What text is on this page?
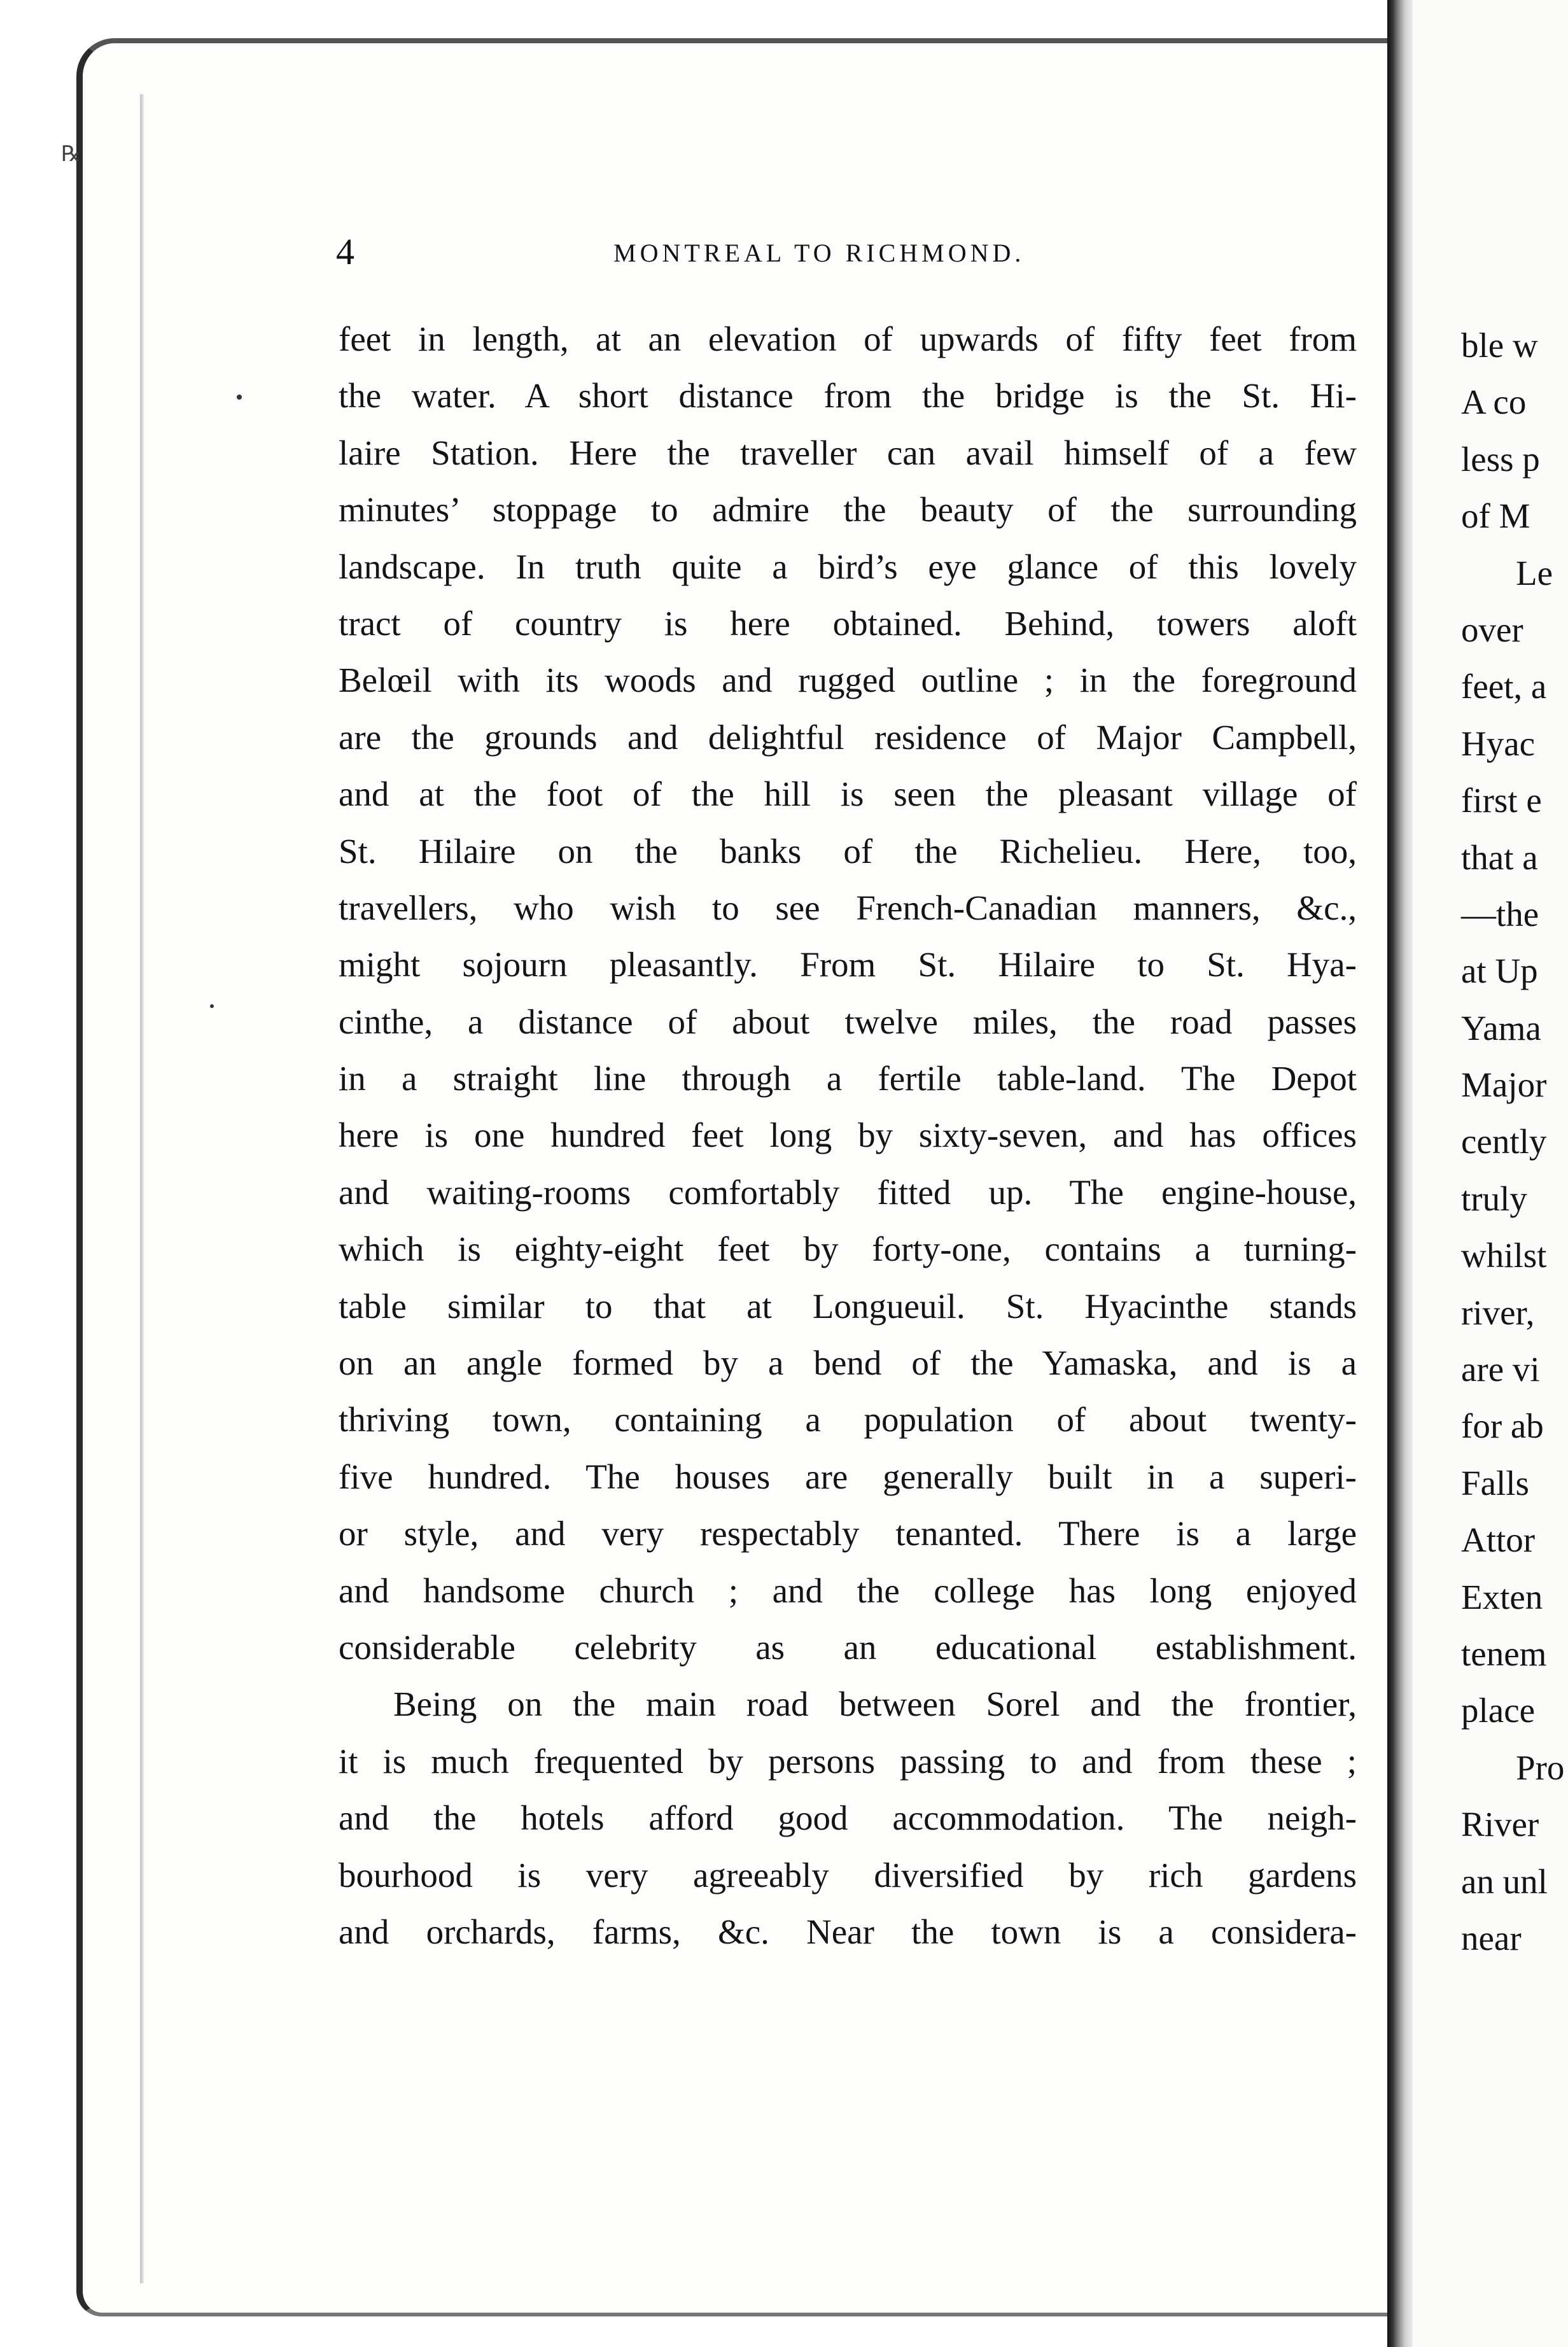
℞
4	MONTREAL TO RICHMOND.
feet in length, at an elevation of upwards of fifty feet from
the water. A short distance from the bridge is the St. Hi-
laire Station. Here the traveller can avail himself of a few
minutes’ stoppage to admire the beauty of the surrounding
landscape. In truth quite a bird’s eye glance of this lovely
tract of country is here obtained. Behind, towers aloft
Belœil with its woods and rugged outline ; in the foreground
are the grounds and delightful residence of Major Campbell,
and at the foot of the hill is seen the pleasant village of
St. Hilaire on the banks of the Richelieu. Here, too,
travellers, who wish to see French-Canadian manners, &c.,
might sojourn pleasantly. From St. Hilaire to St. Hya-
cinthe, a distance of about twelve miles, the road passes
in a straight line through a fertile table-land. The Depot
here is one hundred feet long by sixty-seven, and has offices
and waiting-rooms comfortably fitted up. The engine-house,
which is eighty-eight feet by forty-one, contains a turning-
table similar to that at Longueuil. St. Hyacinthe stands
on an angle formed by a bend of the Yamaska, and is a
thriving town, containing a population of about twenty-
five hundred. The houses are generally built in a superi-
or style, and very respectably tenanted. There is a large
and handsome church ; and the college has long enjoyed
considerable celebrity as an educational establishment.
Being on the main road between Sorel and the frontier,
it is much frequented by persons passing to and from these ;
and the hotels afford good accommodation. The neigh-
bourhood is very agreeably diversified by rich gardens
and orchards, farms, &c. Near the town is a considera-
ble w
A co
less p
of M
Le
over
feet, a
Hyac
first e
that a
—the
at Up
Yama
Major
cently
truly
whilst
river,
are vi
for ab
Falls
Attor
Exten
tenem
place
Pro
River
an unl
near
